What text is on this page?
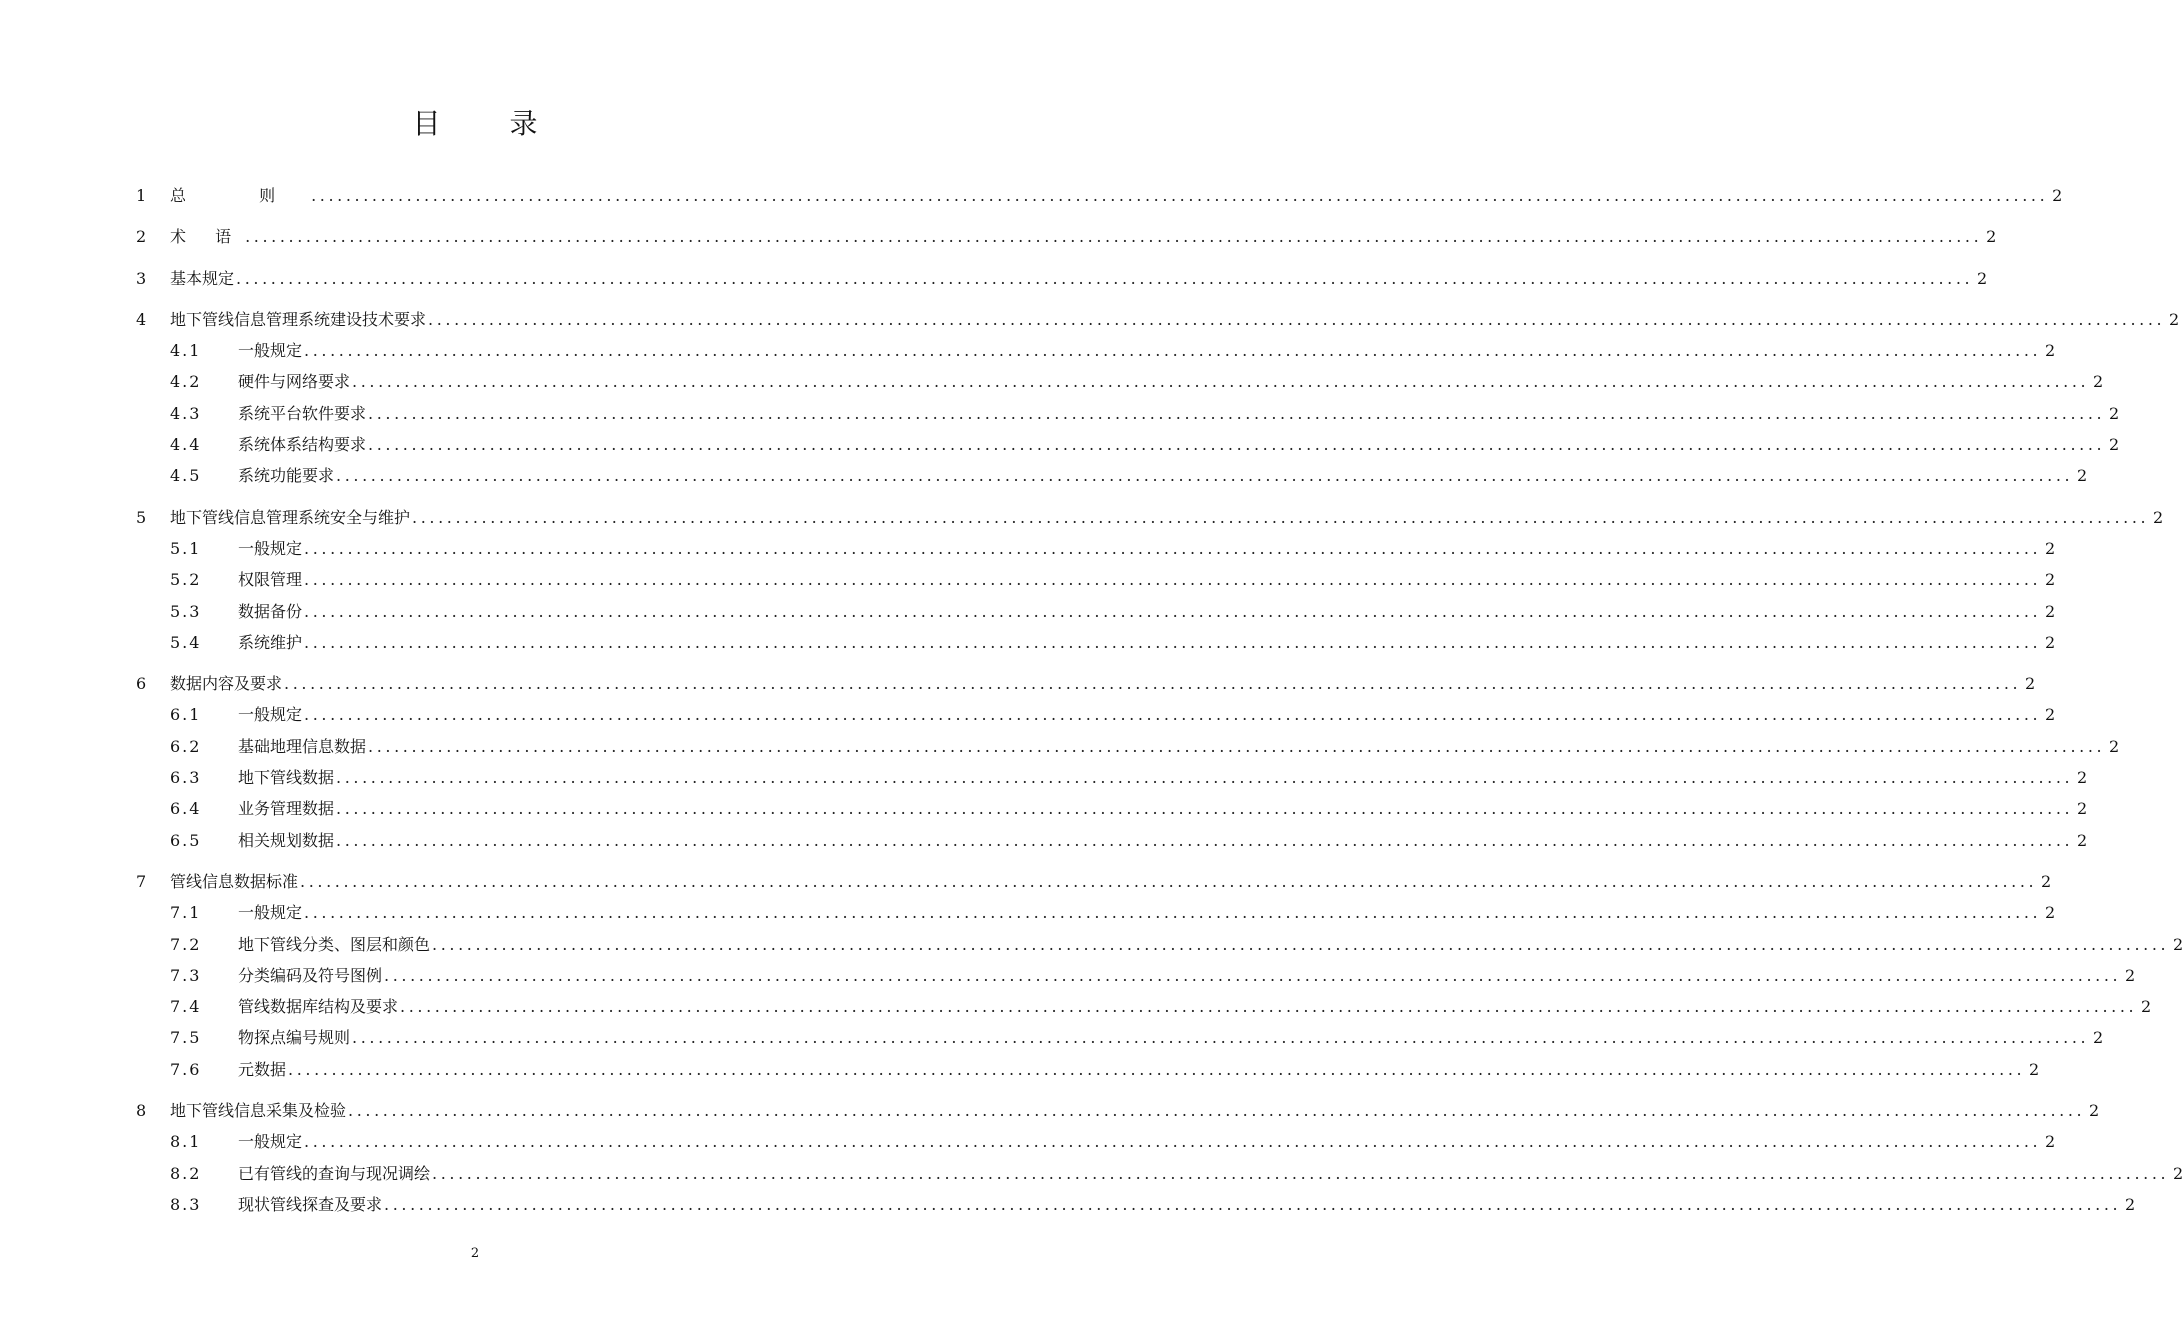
目 录
1	总 则 ........................................................................................................................................................................................................ 2
2	术 语 ........................................................................................................................................................................................................ 2
3	基本规定 ........................................................................................................................................................................................................ 2
4	地下管线信息管理系统建设技术要求 ........................................................................................................................................................................................................ 2
4.1	一般规定 ........................................................................................................................................................................................................ 2
4.2	硬件与网络要求 ........................................................................................................................................................................................................ 2
4.3	系统平台软件要求 ........................................................................................................................................................................................................ 2
4.4	系统体系结构要求 ........................................................................................................................................................................................................ 2
4.5	系统功能要求 ........................................................................................................................................................................................................ 2
5	地下管线信息管理系统安全与维护 ........................................................................................................................................................................................................ 2
5.1	一般规定 ........................................................................................................................................................................................................ 2
5.2	权限管理 ........................................................................................................................................................................................................ 2
5.3	数据备份 ........................................................................................................................................................................................................ 2
5.4	系统维护 ........................................................................................................................................................................................................ 2
6	数据内容及要求 ........................................................................................................................................................................................................ 2
6.1	一般规定 ........................................................................................................................................................................................................ 2
6.2	基础地理信息数据 ........................................................................................................................................................................................................ 2
6.3	地下管线数据 ........................................................................................................................................................................................................ 2
6.4	业务管理数据 ........................................................................................................................................................................................................ 2
6.5	相关规划数据 ........................................................................................................................................................................................................ 2
7	管线信息数据标准 ........................................................................................................................................................................................................ 2
7.1	一般规定 ........................................................................................................................................................................................................ 2
7.2	地下管线分类、图层和颜色 ........................................................................................................................................................................................................ 2
7.3	分类编码及符号图例 ........................................................................................................................................................................................................ 2
7.4	管线数据库结构及要求 ........................................................................................................................................................................................................ 2
7.5	物探点编号规则 ........................................................................................................................................................................................................ 2
7.6	元数据 ........................................................................................................................................................................................................ 2
8	地下管线信息采集及检验 ........................................................................................................................................................................................................ 2
8.1	一般规定 ........................................................................................................................................................................................................ 2
8.2	已有管线的查询与现况调绘 ........................................................................................................................................................................................................ 2
8.3	现状管线探查及要求 ........................................................................................................................................................................................................ 2
2
